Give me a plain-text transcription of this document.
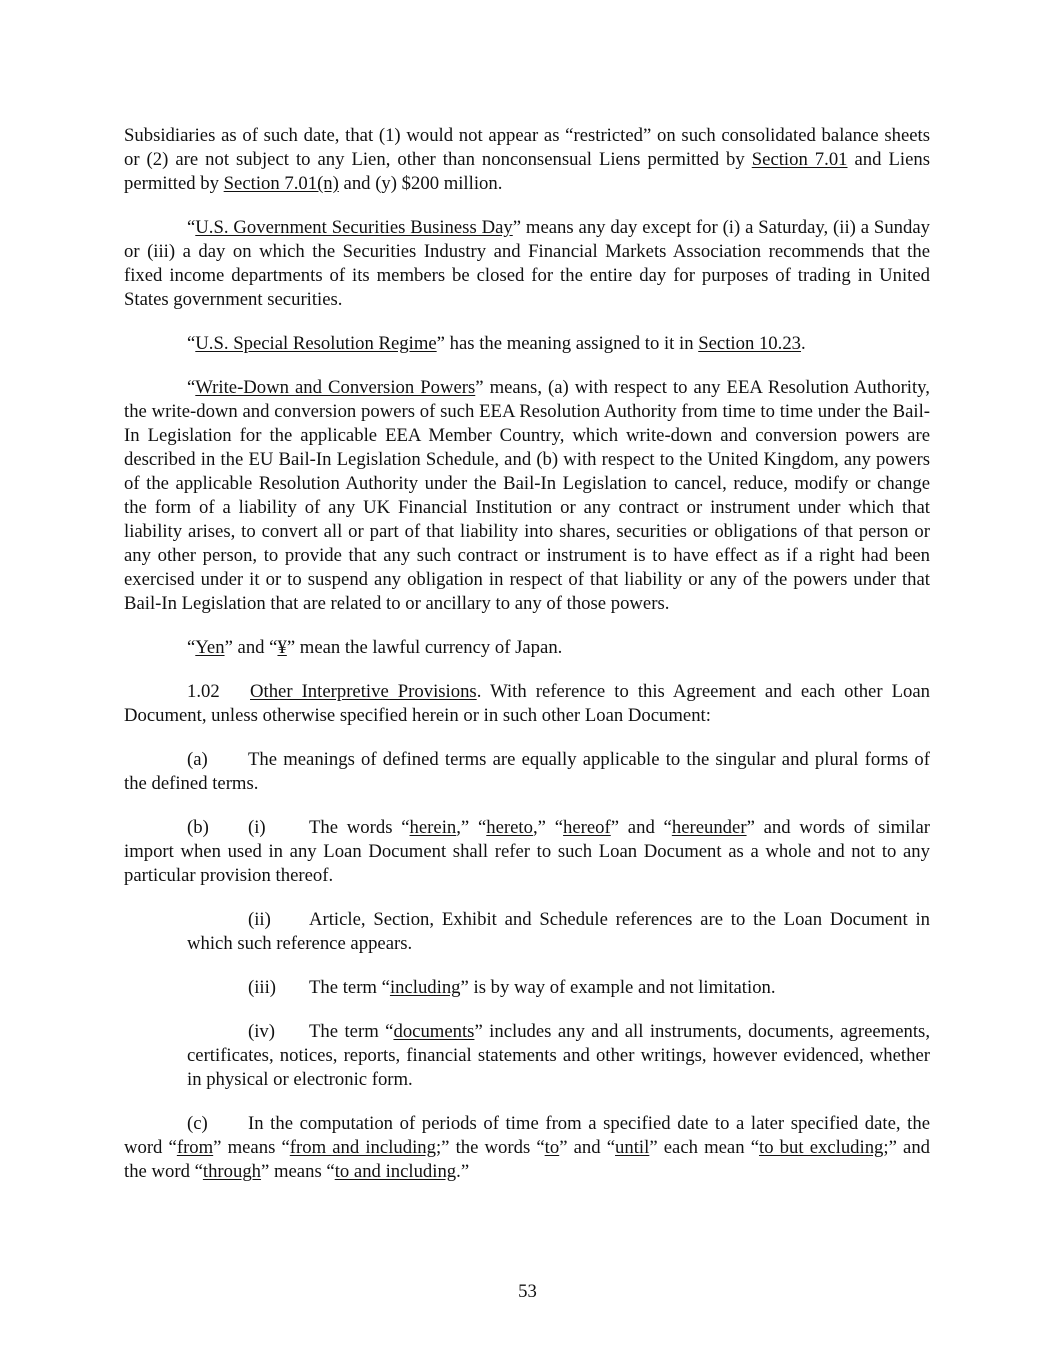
Subsidiaries as of such date, that (1) would not appear as “restricted” on such consolidated balance sheets or (2) are not subject to any Lien, other than nonconsensual Liens permitted by Section 7.01 and Liens permitted by Section 7.01(n) and (y) $200 million.

“U.S. Government Securities Business Day” means any day except for (i) a Saturday, (ii) a Sunday or (iii) a day on which the Securities Industry and Financial Markets Association recommends that the fixed income departments of its members be closed for the entire day for purposes of trading in United States government securities.

“U.S. Special Resolution Regime” has the meaning assigned to it in Section 10.23.

“Write-Down and Conversion Powers” means, (a) with respect to any EEA Resolution Authority, the write-down and conversion powers of such EEA Resolution Authority from time to time under the Bail-In Legislation for the applicable EEA Member Country, which write-down and conversion powers are described in the EU Bail-In Legislation Schedule, and (b) with respect to the United Kingdom, any powers of the applicable Resolution Authority under the Bail-In Legislation to cancel, reduce, modify or change the form of a liability of any UK Financial Institution or any contract or instrument under which that liability arises, to convert all or part of that liability into shares, securities or obligations of that person or any other person, to provide that any such contract or instrument is to have effect as if a right had been exercised under it or to suspend any obligation in respect of that liability or any of the powers under that Bail-In Legislation that are related to or ancillary to any of those powers.

“Yen” and “¥” mean the lawful currency of Japan.

1.02 Other Interpretive Provisions. With reference to this Agreement and each other Loan Document, unless otherwise specified herein or in such other Loan Document:

(a) The meanings of defined terms are equally applicable to the singular and plural forms of the defined terms.

(b) (i) The words “herein,” “hereto,” “hereof” and “hereunder” and words of similar import when used in any Loan Document shall refer to such Loan Document as a whole and not to any particular provision thereof.

(ii) Article, Section, Exhibit and Schedule references are to the Loan Document in which such reference appears.

(iii) The term “including” is by way of example and not limitation.

(iv) The term “documents” includes any and all instruments, documents, agreements, certificates, notices, reports, financial statements and other writings, however evidenced, whether in physical or electronic form.

(c) In the computation of periods of time from a specified date to a later specified date, the word “from” means “from and including;” the words “to” and “until” each mean “to but excluding;” and the word “through” means “to and including.”

53
